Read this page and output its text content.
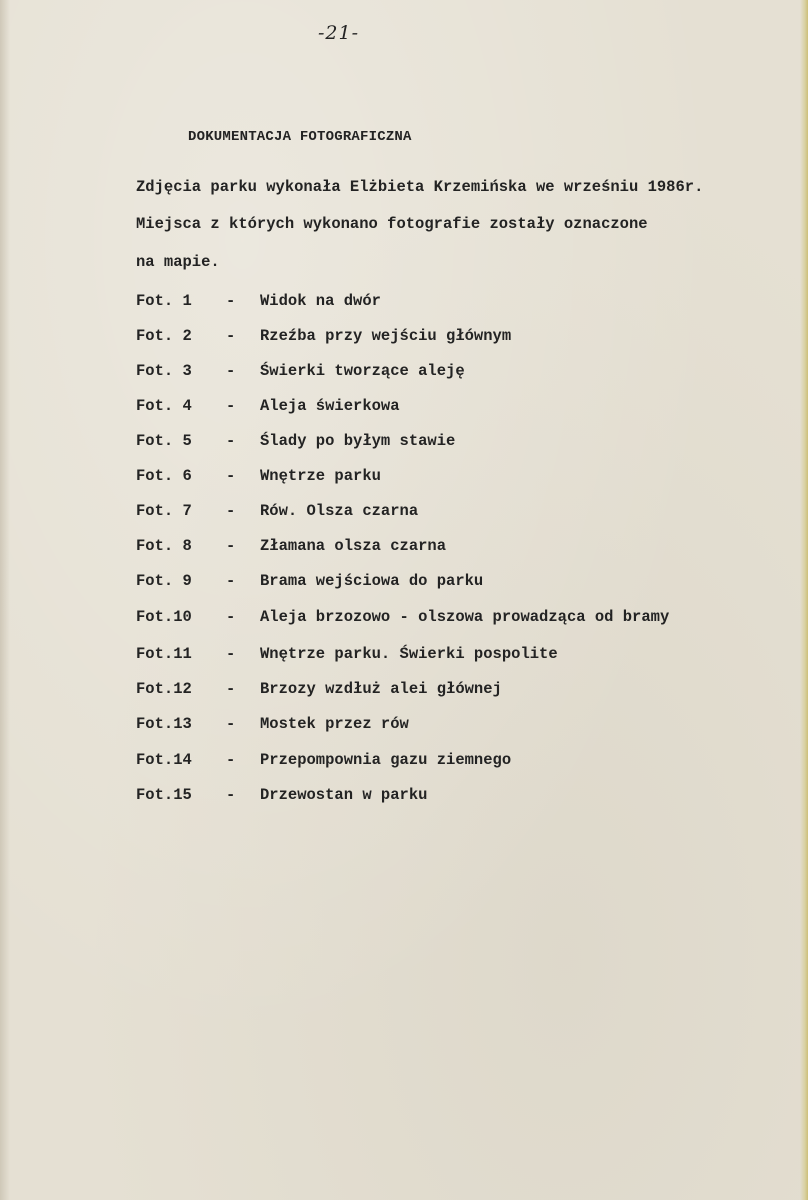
-21-
DOKUMENTACJA FOTOGRAFICZNA
Zdjęcia parku wykonała Elżbieta Krzemińska we wrześniu 1986r.
Miejsca z których wykonano fotografie zostały oznaczone
na mapie.
Fot. 1	- Widok na dwór
Fot. 2	- Rzeźba przy wejściu głównym
Fot. 3	- Świerki tworzące aleję
Fot. 4	- Aleja świerkowa
Fot. 5	- Ślady po byłym stawie
Fot. 6	- Wnętrze parku
Fot. 7	- Rów. Olsza czarna
Fot. 8	- Złamana olsza czarna
Fot. 9	- Brama wejściowa do parku
Fot.10	- Aleja brzozowo - olszowa prowadząca od bramy
Fot.11	- Wnętrze parku. Świerki pospolite
Fot.12	- Brzozy wzdłuż alei głównej
Fot.13	- Mostek przez rów
Fot.14	- Przepompownia gazu ziemnego
Fot.15	- Drzewostan w parku
